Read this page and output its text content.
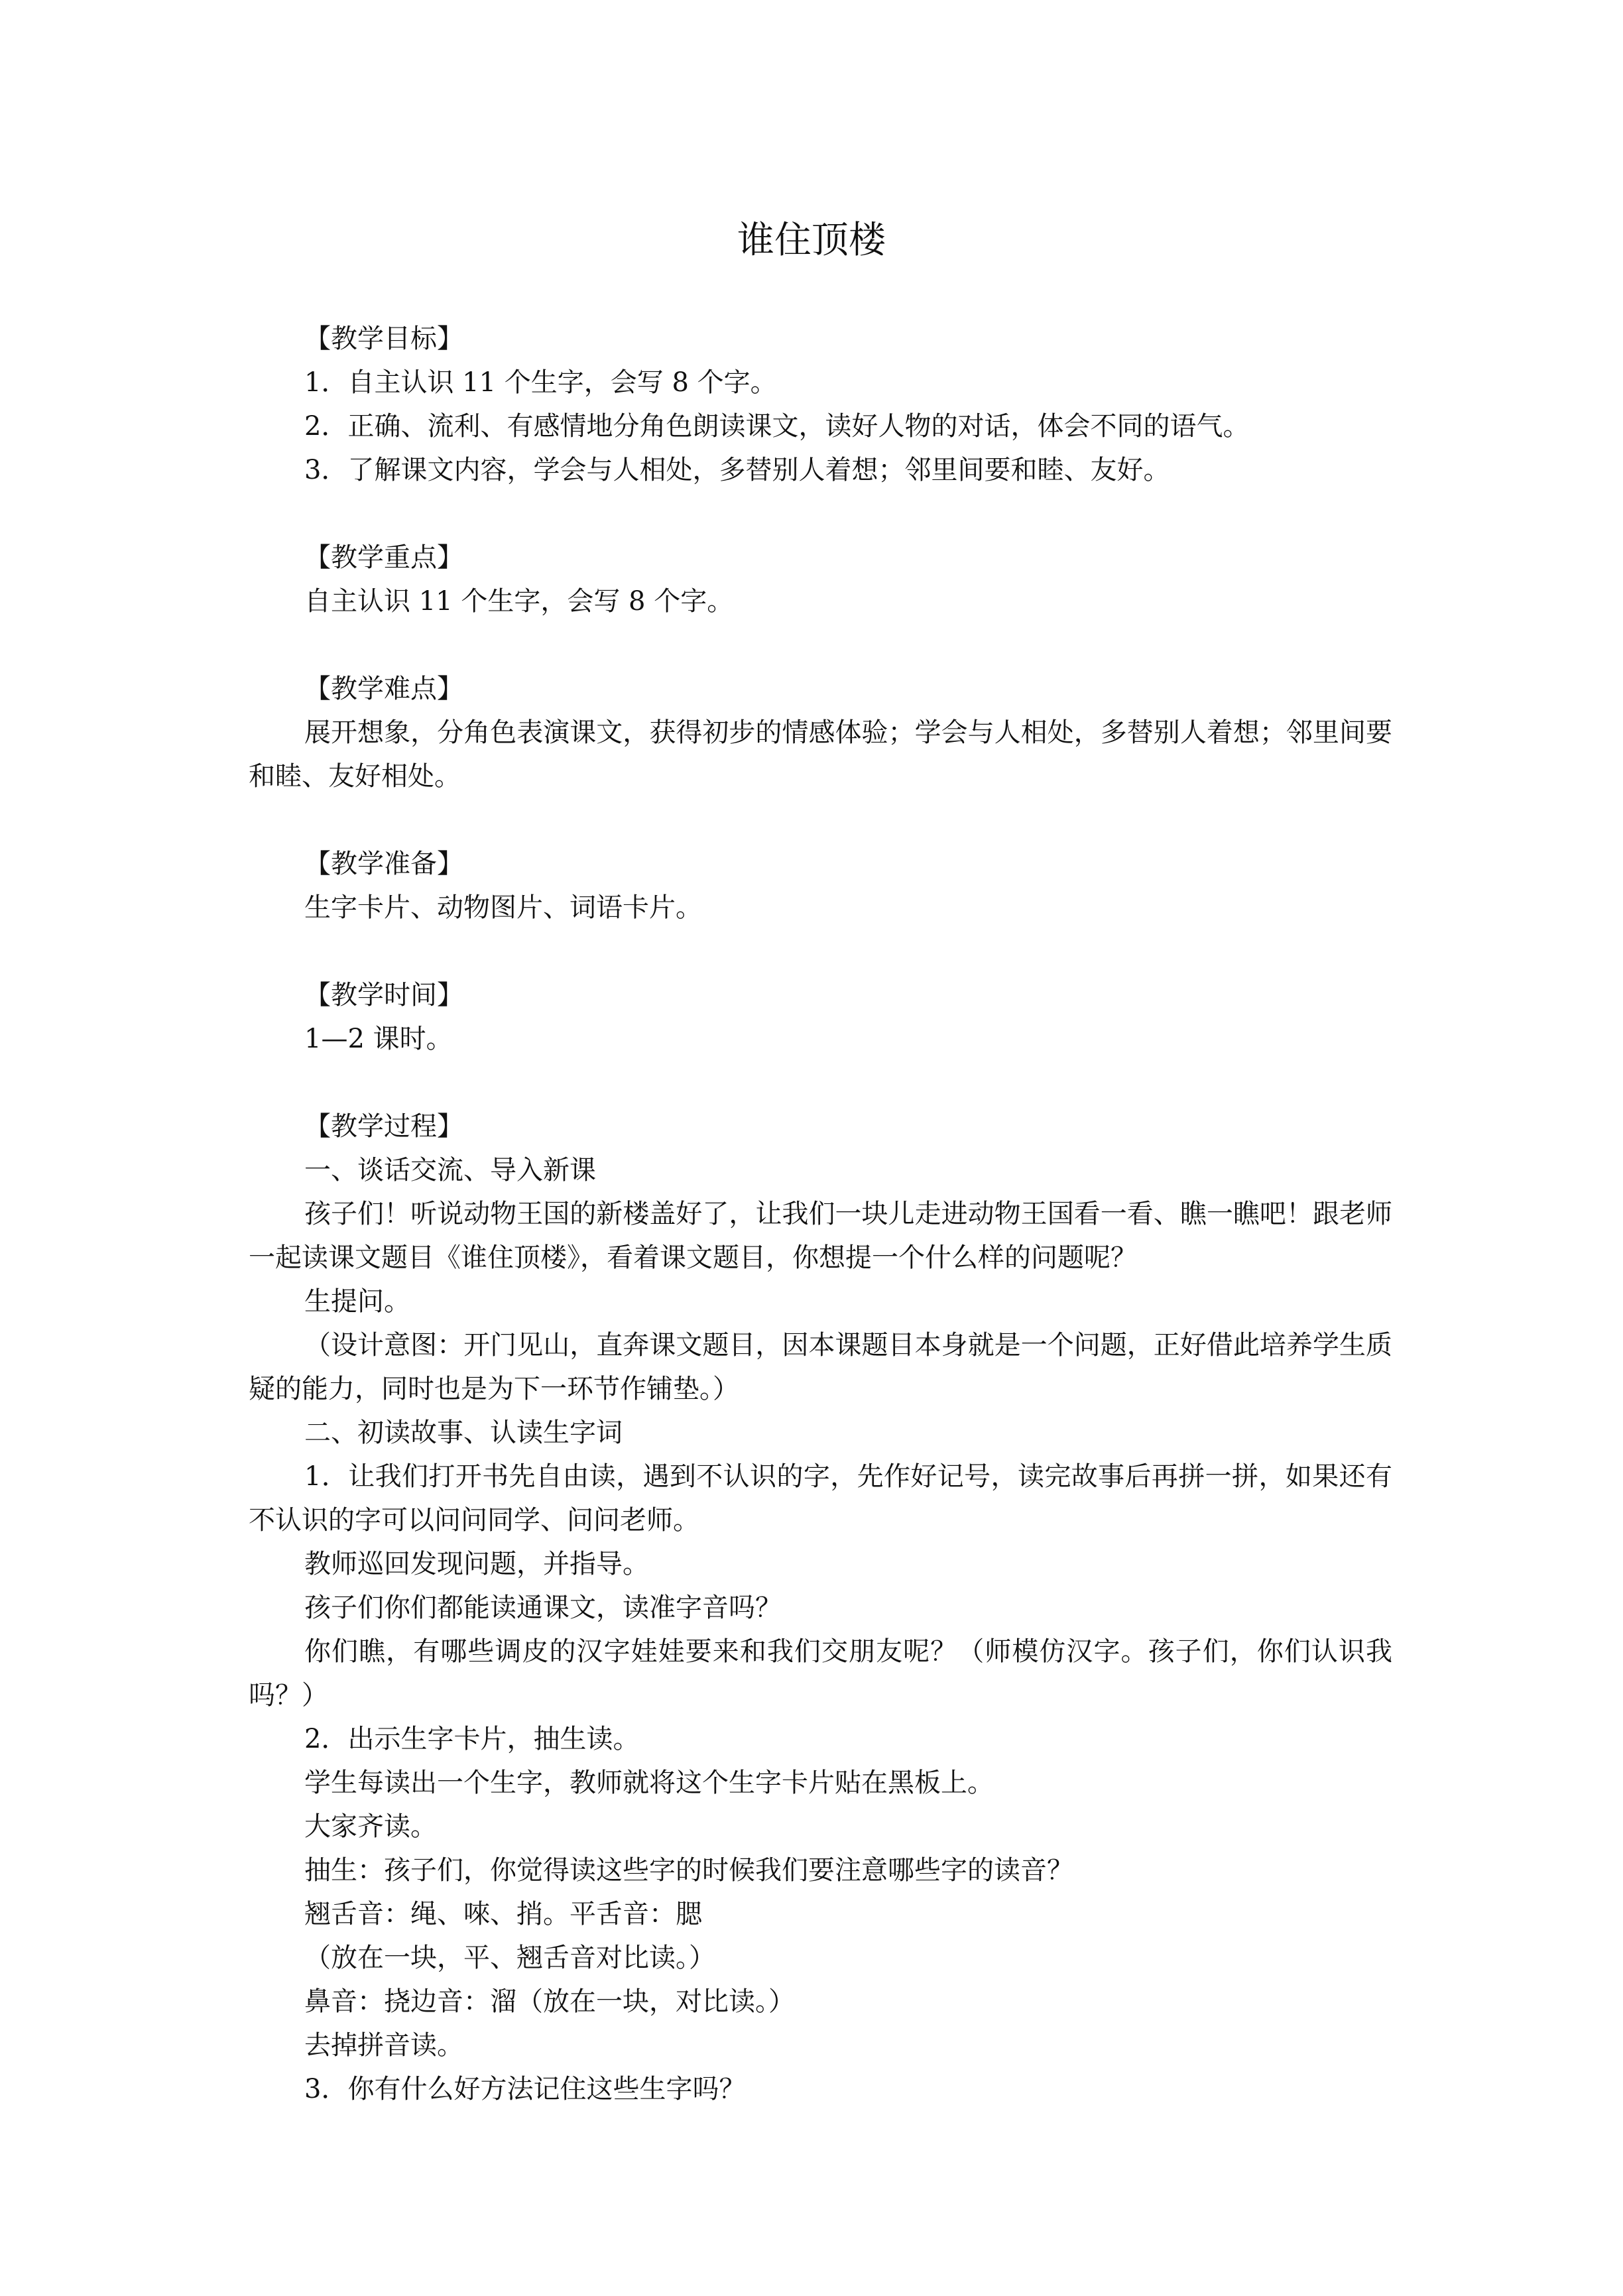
谁住顶楼
【教学目标】
1．自主认识 11 个生字，会写 8 个字。
2．正确、流利、有感情地分角色朗读课文，读好人物的对话，体会不同的语气。
3．了解课文内容，学会与人相处，多替别人着想；邻里间要和睦、友好。
【教学重点】
自主认识 11 个生字，会写 8 个字。
【教学难点】
展开想象，分角色表演课文，获得初步的情感体验；学会与人相处，多替别人着想；邻里间要和睦、友好相处。
【教学准备】
生字卡片、动物图片、词语卡片。
【教学时间】
1—2 课时。
【教学过程】
一、谈话交流、导入新课
孩子们！听说动物王国的新楼盖好了，让我们一块儿走进动物王国看一看、瞧一瞧吧！跟老师一起读课文题目《谁住顶楼》，看着课文题目，你想提一个什么样的问题呢？
生提问。
（设计意图：开门见山，直奔课文题目，因本课题目本身就是一个问题，正好借此培养学生质疑的能力，同时也是为下一环节作铺垫。）
二、初读故事、认读生字词
1．让我们打开书先自由读，遇到不认识的字，先作好记号，读完故事后再拼一拼，如果还有不认识的字可以问问同学、问问老师。
教师巡回发现问题，并指导。
孩子们你们都能读通课文，读准字音吗？
你们瞧，有哪些调皮的汉字娃娃要来和我们交朋友呢？（师模仿汉字。孩子们，你们认识我吗？）
2．出示生字卡片，抽生读。
学生每读出一个生字，教师就将这个生字卡片贴在黑板上。
大家齐读。
抽生：孩子们，你觉得读这些字的时候我们要注意哪些字的读音？
翘舌音：绳、唻、捎。平舌音：腮
（放在一块，平、翘舌音对比读。）
鼻音：挠边音：溜（放在一块，对比读。）
去掉拼音读。
3．你有什么好方法记住这些生字吗？
